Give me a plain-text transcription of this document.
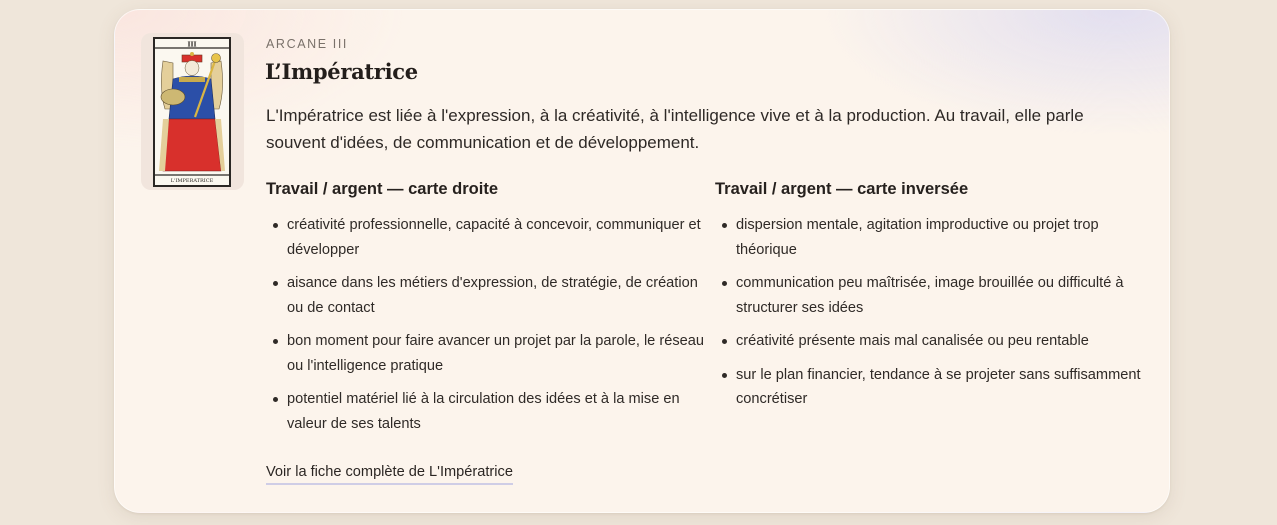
III
L'IMPERATRICE
ARCANE III
L’Impératrice
L'Impératrice est liée à l'expression, à la créativité, à l'intelligence vive et à la production. Au travail, elle parle souvent d'idées, de communication et de développement.
Travail / argent — carte droite
créativité professionnelle, capacité à concevoir, communiquer et développer
aisance dans les métiers d'expression, de stratégie, de création ou de contact
bon moment pour faire avancer un projet par la parole, le réseau ou l'intelligence pratique
potentiel matériel lié à la circulation des idées et à la mise en valeur de ses talents
Travail / argent — carte inversée
dispersion mentale, agitation improductive ou projet trop théorique
communication peu maîtrisée, image brouillée ou difficulté à structurer ses idées
créativité présente mais mal canalisée ou peu rentable
sur le plan financier, tendance à se projeter sans suffisamment concrétiser
Voir la fiche complète de L'Impératrice
